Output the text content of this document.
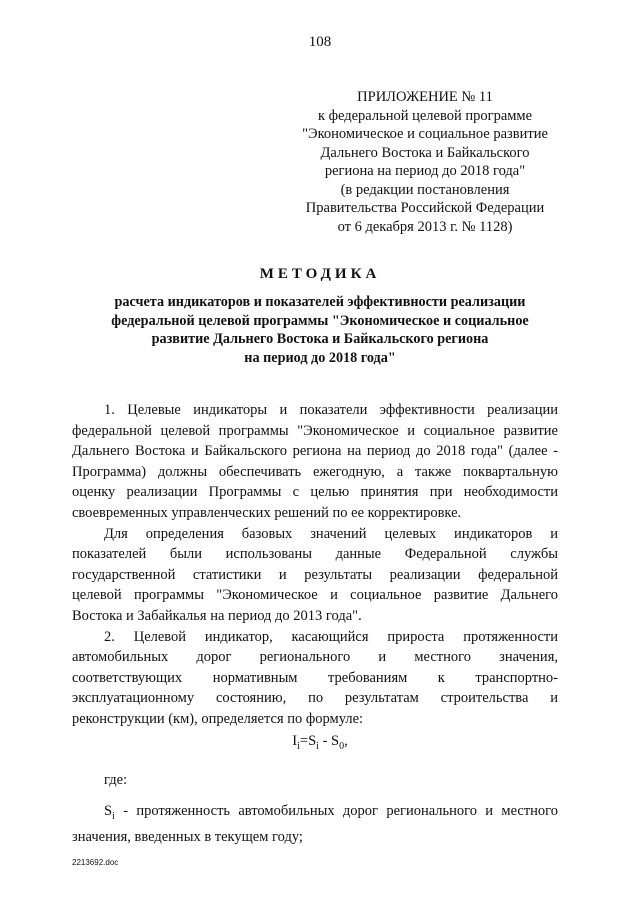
108
ПРИЛОЖЕНИЕ № 11
к федеральной целевой программе
"Экономическое и социальное развитие
Дальнего Востока и Байкальского
региона на период до 2018 года"
(в редакции постановления
Правительства Российской Федерации
от 6 декабря 2013 г. № 1128)
МЕТОДИКА
расчета индикаторов и показателей эффективности реализации
федеральной целевой программы "Экономическое и социальное
развитие Дальнего Востока и Байкальского региона
на период до 2018 года"
1. Целевые индикаторы и показатели эффективности реализации
федеральной целевой программы "Экономическое и социальное развитие
Дальнего Востока и Байкальского региона на период до 2018 года" (далее -
Программа) должны обеспечивать ежегодную, а также поквартальную
оценку реализации Программы с целью принятия при необходимости
своевременных управленческих решений по ее корректировке.
Для определения базовых значений целевых индикаторов и
показателей были использованы данные Федеральной службы
государственной статистики и результаты реализации федеральной
целевой программы "Экономическое и социальное развитие Дальнего
Востока и Забайкалья на период до 2013 года".
2. Целевой индикатор, касающийся прироста протяженности
автомобильных дорог регионального и местного значения,
соответствующих нормативным требованиям к транспортно-
эксплуатационному состоянию, по результатам строительства и
реконструкции (км), определяется по формуле:
$I_i=S_i - S_0$,
где:
$S_i$ - протяженность автомобильных дорог регионального и местного
значения, введенных в текущем году;
2213692.doc
